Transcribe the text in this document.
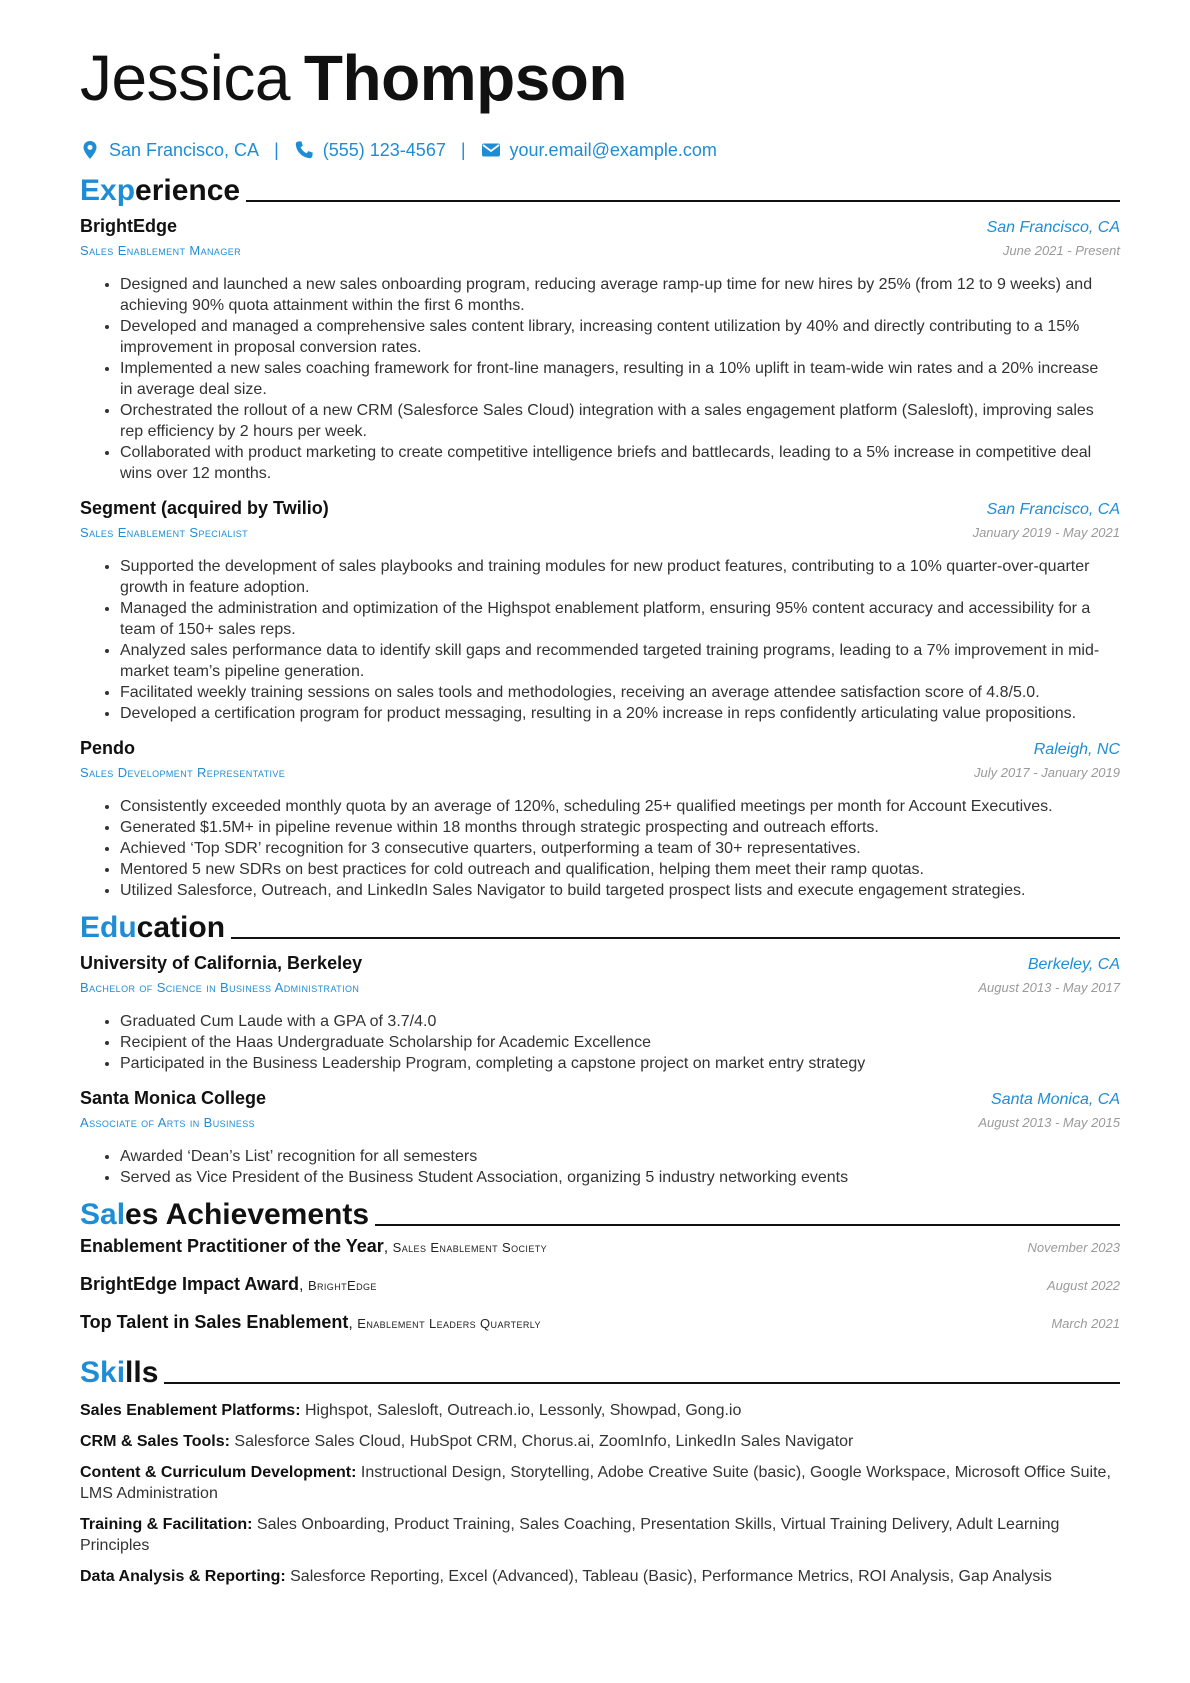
Jessica Thompson
San Francisco, CA | (555) 123-4567 | your.email@example.com
Experience
BrightEdge	San Francisco, CA
Sales Enablement Manager	June 2021 - Present
• Designed and launched a new sales onboarding program, reducing average ramp-up time for new hires by 25% (from 12 to 9 weeks) and achieving 90% quota attainment within the first 6 months.
• Developed and managed a comprehensive sales content library, increasing content utilization by 40% and directly contributing to a 15% improvement in proposal conversion rates.
• Implemented a new sales coaching framework for front-line managers, resulting in a 10% uplift in team-wide win rates and a 20% increase in average deal size.
• Orchestrated the rollout of a new CRM (Salesforce Sales Cloud) integration with a sales engagement platform (Salesloft), improving sales rep efficiency by 2 hours per week.
• Collaborated with product marketing to create competitive intelligence briefs and battlecards, leading to a 5% increase in competitive deal wins over 12 months.
Segment (acquired by Twilio)	San Francisco, CA
Sales Enablement Specialist	January 2019 - May 2021
• Supported the development of sales playbooks and training modules for new product features, contributing to a 10% quarter-over-quarter growth in feature adoption.
• Managed the administration and optimization of the Highspot enablement platform, ensuring 95% content accuracy and accessibility for a team of 150+ sales reps.
• Analyzed sales performance data to identify skill gaps and recommended targeted training programs, leading to a 7% improvement in mid-market team’s pipeline generation.
• Facilitated weekly training sessions on sales tools and methodologies, receiving an average attendee satisfaction score of 4.8/5.0.
• Developed a certification program for product messaging, resulting in a 20% increase in reps confidently articulating value propositions.
Pendo	Raleigh, NC
Sales Development Representative	July 2017 - January 2019
• Consistently exceeded monthly quota by an average of 120%, scheduling 25+ qualified meetings per month for Account Executives.
• Generated $1.5M+ in pipeline revenue within 18 months through strategic prospecting and outreach efforts.
• Achieved ‘Top SDR’ recognition for 3 consecutive quarters, outperforming a team of 30+ representatives.
• Mentored 5 new SDRs on best practices for cold outreach and qualification, helping them meet their ramp quotas.
• Utilized Salesforce, Outreach, and LinkedIn Sales Navigator to build targeted prospect lists and execute engagement strategies.
Education
University of California, Berkeley	Berkeley, CA
Bachelor of Science in Business Administration	August 2013 - May 2017
• Graduated Cum Laude with a GPA of 3.7/4.0
• Recipient of the Haas Undergraduate Scholarship for Academic Excellence
• Participated in the Business Leadership Program, completing a capstone project on market entry strategy
Santa Monica College	Santa Monica, CA
Associate of Arts in Business	August 2013 - May 2015
• Awarded ‘Dean’s List’ recognition for all semesters
• Served as Vice President of the Business Student Association, organizing 5 industry networking events
Sales Achievements
Enablement Practitioner of the Year, Sales Enablement Society	November 2023
BrightEdge Impact Award, BrightEdge	August 2022
Top Talent in Sales Enablement, Enablement Leaders Quarterly	March 2021
Skills
Sales Enablement Platforms: Highspot, Salesloft, Outreach.io, Lessonly, Showpad, Gong.io
CRM & Sales Tools: Salesforce Sales Cloud, HubSpot CRM, Chorus.ai, ZoomInfo, LinkedIn Sales Navigator
Content & Curriculum Development: Instructional Design, Storytelling, Adobe Creative Suite (basic), Google Workspace, Microsoft Office Suite, LMS Administration
Training & Facilitation: Sales Onboarding, Product Training, Sales Coaching, Presentation Skills, Virtual Training Delivery, Adult Learning Principles
Data Analysis & Reporting: Salesforce Reporting, Excel (Advanced), Tableau (Basic), Performance Metrics, ROI Analysis, Gap Analysis
